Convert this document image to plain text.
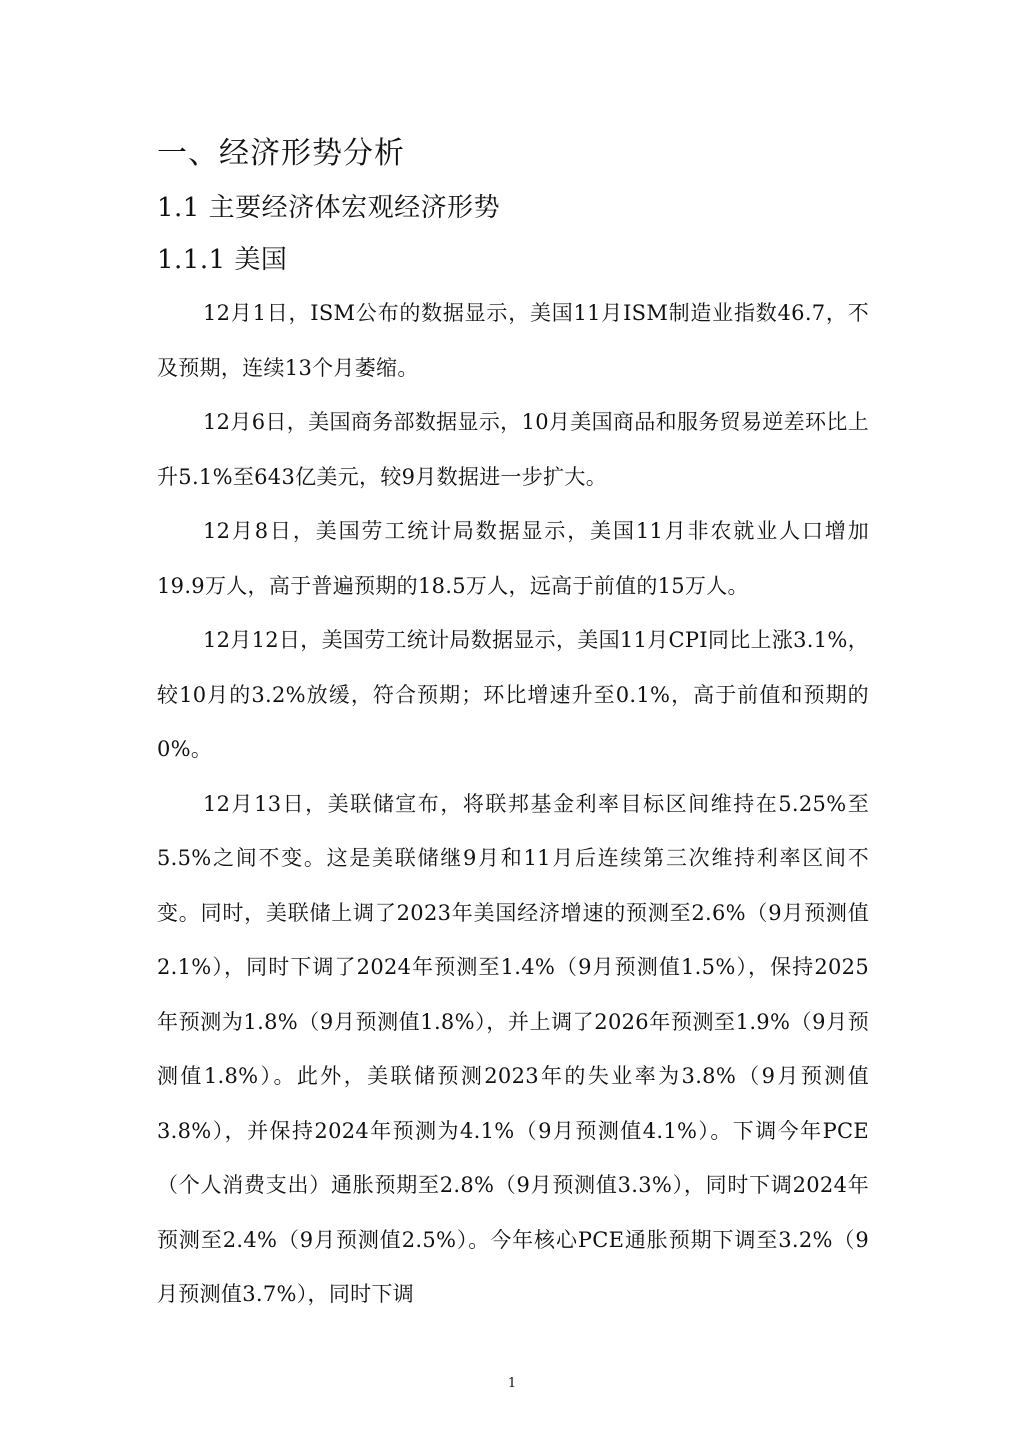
一、经济形势分析
1.1 主要经济体宏观经济形势
1.1.1 美国

12月1日，ISM公布的数据显示，美国11月ISM制造业指数46.7，不及预期，连续13个月萎缩。

12月6日，美国商务部数据显示，10月美国商品和服务贸易逆差环比上升5.1%至643亿美元，较9月数据进一步扩大。

12月8日，美国劳工统计局数据显示，美国11月非农就业人口增加19.9万人，高于普遍预期的18.5万人，远高于前值的15万人。

12月12日，美国劳工统计局数据显示，美国11月CPI同比上涨3.1%，较10月的3.2%放缓，符合预期；环比增速升至0.1%，高于前值和预期的0%。

12月13日，美联储宣布，将联邦基金利率目标区间维持在5.25%至5.5%之间不变。这是美联储继9月和11月后连续第三次维持利率区间不变。同时，美联储上调了2023年美国经济增速的预测至2.6%（9月预测值2.1%），同时下调了2024年预测至1.4%（9月预测值1.5%），保持2025年预测为1.8%（9月预测值1.8%），并上调了2026年预测至1.9%（9月预测值1.8%）。此外，美联储预测2023年的失业率为3.8%（9月预测值3.8%），并保持2024年预测为4.1%（9月预测值4.1%）。下调今年PCE（个人消费支出）通胀预期至2.8%（9月预测值3.3%），同时下调2024年预测至2.4%（9月预测值2.5%）。今年核心PCE通胀预期下调至3.2%（9月预测值3.7%），同时下调

1
